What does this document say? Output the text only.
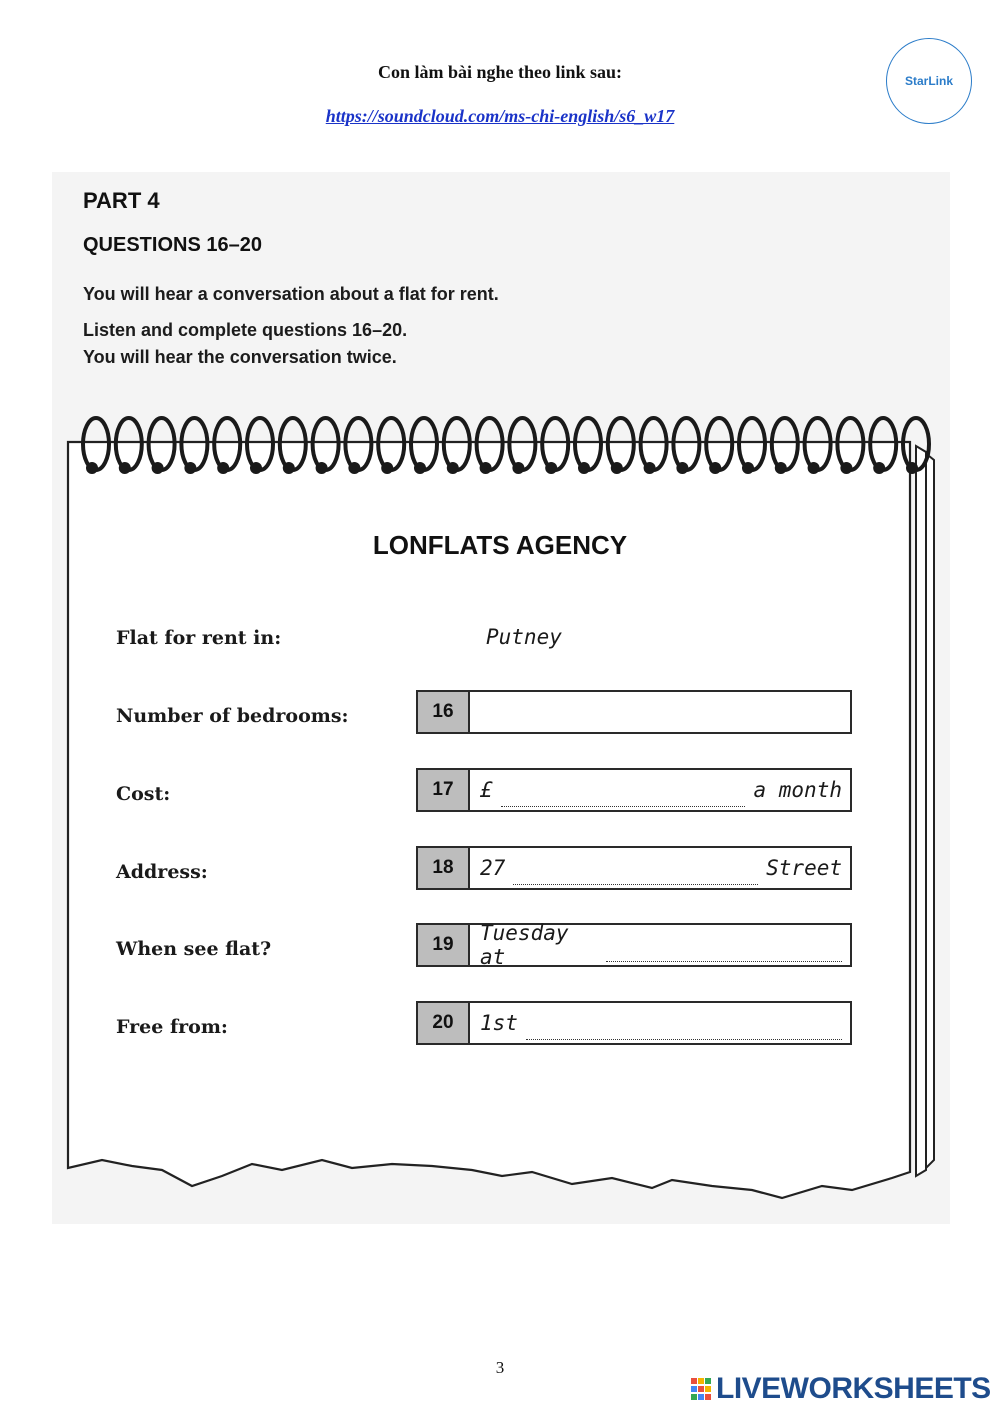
Con làm bài nghe theo link sau:
https://soundcloud.com/ms-chi-english/s6_w17
StarLink
PART 4
QUESTIONS 16–20
You will hear a conversation about a flat for rent.
Listen and complete questions 16–20.
You will hear the conversation twice.
LONFLATS AGENCY
Flat for rent in:	Putney
Number of bedrooms:	16
Cost:	17	£	a month
Address:	18	27	Street
When see flat?	19	Tuesday at
Free from:	20	1st
3
LIVEWORKSHEETS
